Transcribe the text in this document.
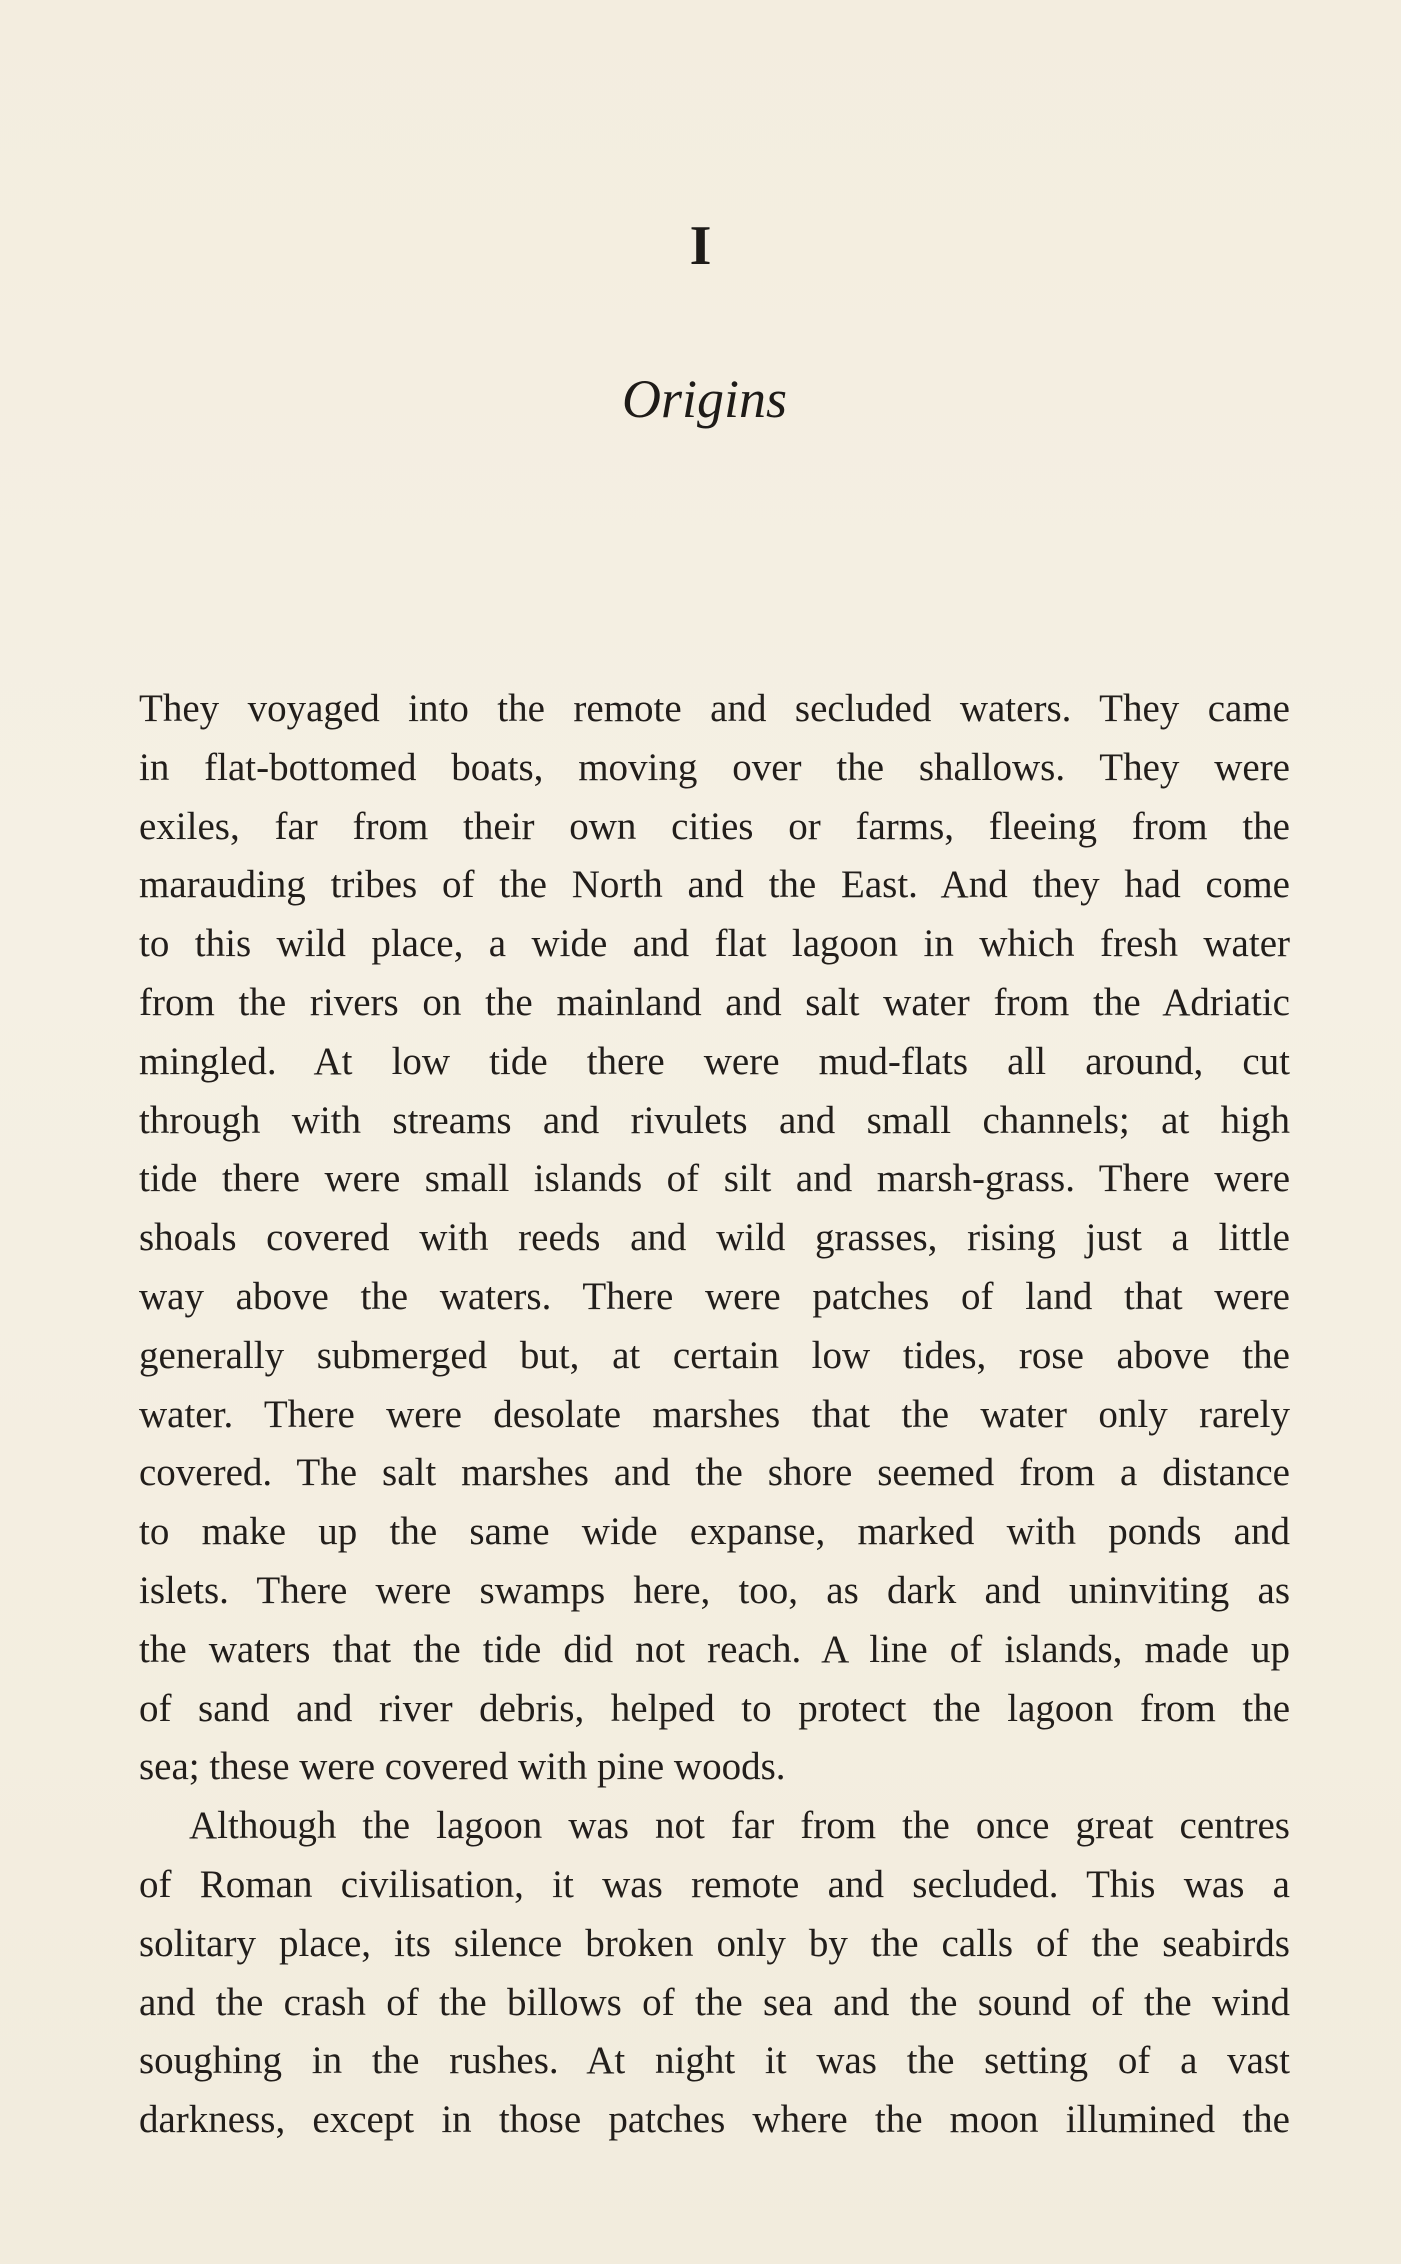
I
Origins

They voyaged into the remote and secluded waters. They came
in flat-bottomed boats, moving over the shallows. They were
exiles, far from their own cities or farms, fleeing from the
marauding tribes of the North and the East. And they had come
to this wild place, a wide and flat lagoon in which fresh water
from the rivers on the mainland and salt water from the Adriatic
mingled. At low tide there were mud-flats all around, cut
through with streams and rivulets and small channels; at high
tide there were small islands of silt and marsh-grass. There were
shoals covered with reeds and wild grasses, rising just a little
way above the waters. There were patches of land that were
generally submerged but, at certain low tides, rose above the
water. There were desolate marshes that the water only rarely
covered. The salt marshes and the shore seemed from a distance
to make up the same wide expanse, marked with ponds and
islets. There were swamps here, too, as dark and uninviting as
the waters that the tide did not reach. A line of islands, made up
of sand and river debris, helped to protect the lagoon from the
sea; these were covered with pine woods.

Although the lagoon was not far from the once great centres
of Roman civilisation, it was remote and secluded. This was a
solitary place, its silence broken only by the calls of the seabirds
and the crash of the billows of the sea and the sound of the wind
soughing in the rushes. At night it was the setting of a vast
darkness, except in those patches where the moon illumined the
